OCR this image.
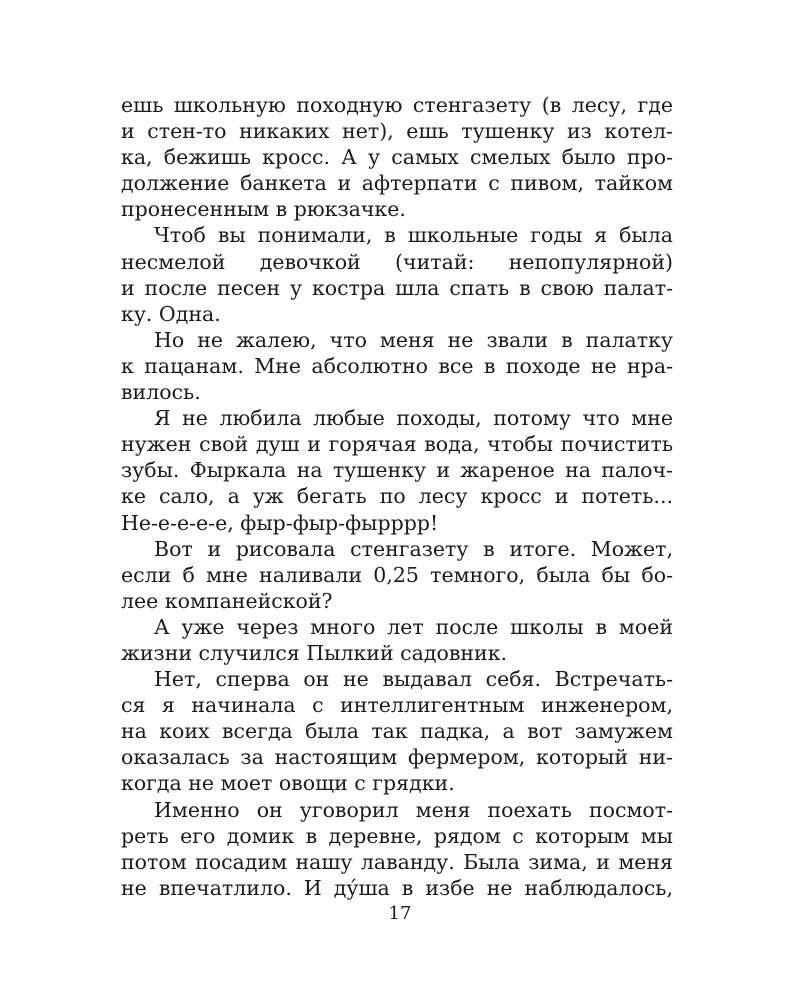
ешь школьную походную стенгазету (в лесу, где
и стен-то никаких нет), ешь тушенку из котел-
ка, бежишь кросс. А у самых смелых было про-
должение банкета и афтерпати с пивом, тайком
пронесенным в рюкзачке.
Чтоб вы понимали, в школьные годы я была
несмелой девочкой (читай: непопулярной)
и после песен у костра шла спать в свою палат-
ку. Одна.
Но не жалею, что меня не звали в палатку
к пацанам. Мне абсолютно все в походе не нра-
вилось.
Я не любила любые походы, потому что мне
нужен свой душ и горячая вода, чтобы почистить
зубы. Фыркала на тушенку и жареное на палоч-
ке сало, а уж бегать по лесу кросс и потеть...
Не-е-е-е-е, фыр-фыр-фырррр!
Вот и рисовала стенгазету в итоге. Может,
если б мне наливали 0,25 темного, была бы бо-
лее компанейской?
А уже через много лет после школы в моей
жизни случился Пылкий садовник.
Нет, сперва он не выдавал себя. Встречать-
ся я начинала с интеллигентным инженером,
на коих всегда была так падка, а вот замужем
оказалась за настоящим фермером, который ни-
когда не моет овощи с грядки.
Именно он уговорил меня поехать посмот-
реть его домик в деревне, рядом с которым мы
потом посадим нашу лаванду. Была зима, и меня
не впечатлило. И ду́ша в избе не наблюдалось,
17
